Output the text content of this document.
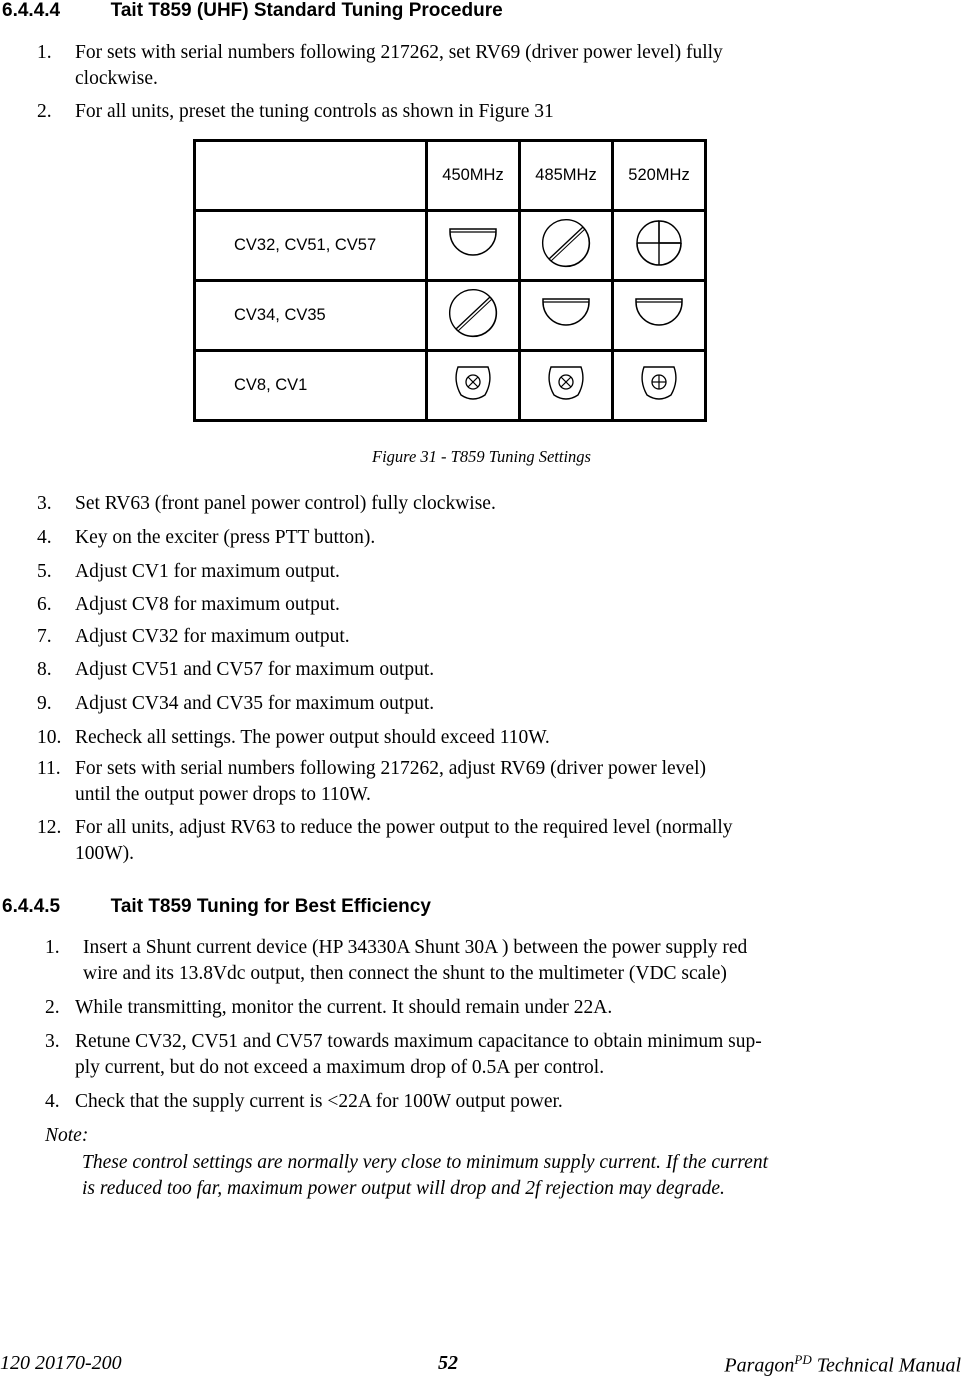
6.4.4.4	Tait T859 (UHF) Standard Tuning Procedure
1. For sets with serial numbers following 217262, set RV69 (driver power level) fully
clockwise.
2. For all units, preset the tuning controls as shown in Figure 31
	450MHz	485MHz	520MHz
CV32, CV51, CV57			
CV34, CV35			
CV8, CV1			
Figure 31 - T859 Tuning Settings
3. Set RV63 (front panel power control) fully clockwise.
4. Key on the exciter (press PTT button).
5. Adjust CV1 for maximum output.
6. Adjust CV8 for maximum output.
7. Adjust CV32 for maximum output.
8. Adjust CV51 and CV57 for maximum output.
9. Adjust CV34 and CV35 for maximum output.
10. Recheck all settings. The power output should exceed 110W.
11. For sets with serial numbers following 217262, adjust RV69 (driver power level)
until the output power drops to 110W.
12. For all units, adjust RV63 to reduce the power output to the required level (normally
100W).
6.4.4.5	Tait T859 Tuning for Best Efficiency
1. Insert a Shunt current device (HP 34330A Shunt 30A ) between the power supply red
wire and its 13.8Vdc output, then connect the shunt to the multimeter (VDC scale)
2. While transmitting, monitor the current. It should remain under 22A.
3. Retune CV32, CV51 and CV57 towards maximum capacitance to obtain minimum sup-
ply current, but do not exceed a maximum drop of 0.5A per control.
4. Check that the supply current is <22A for 100W output power.
Note:
These control settings are normally very close to minimum supply current. If the current
is reduced too far, maximum power output will drop and 2f rejection may degrade.
120 20170-200	52	Paragon$^{PD}$ Technical Manual
